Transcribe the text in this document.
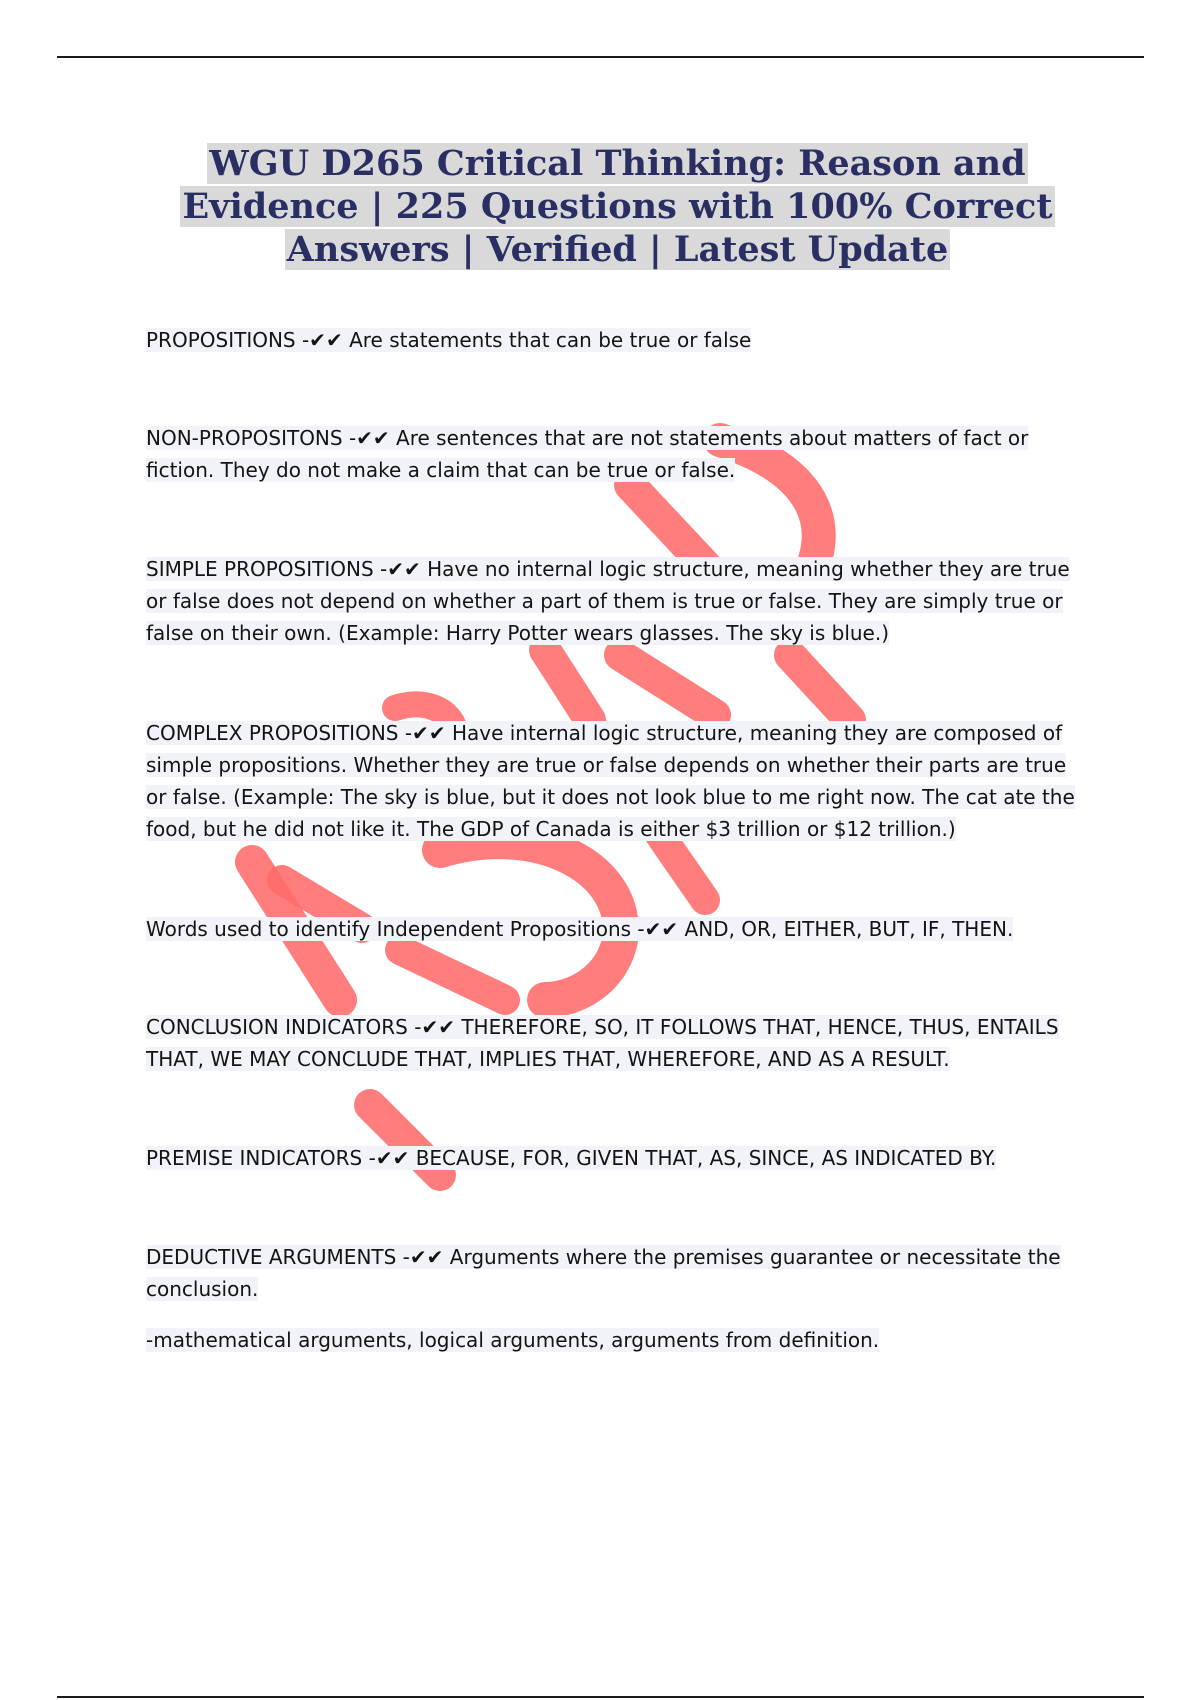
WGU D265 Critical Thinking: Reason and Evidence | 225 Questions with 100% Correct Answers | Verified | Latest Update

PROPOSITIONS -✔✔ Are statements that can be true or false

NON-PROPOSITONS -✔✔ Are sentences that are not statements about matters of fact or fiction. They do not make a claim that can be true or false.

SIMPLE PROPOSITIONS -✔✔ Have no internal logic structure, meaning whether they are true or false does not depend on whether a part of them is true or false. They are simply true or false on their own. (Example: Harry Potter wears glasses. The sky is blue.)

COMPLEX PROPOSITIONS -✔✔ Have internal logic structure, meaning they are composed of simple propositions. Whether they are true or false depends on whether their parts are true or false. (Example: The sky is blue, but it does not look blue to me right now. The cat ate the food, but he did not like it. The GDP of Canada is either $3 trillion or $12 trillion.)

Words used to identify Independent Propositions -✔✔ AND, OR, EITHER, BUT, IF, THEN.

CONCLUSION INDICATORS -✔✔ THEREFORE, SO, IT FOLLOWS THAT, HENCE, THUS, ENTAILS THAT, WE MAY CONCLUDE THAT, IMPLIES THAT, WHEREFORE, AND AS A RESULT.

PREMISE INDICATORS -✔✔ BECAUSE, FOR, GIVEN THAT, AS, SINCE, AS INDICATED BY.

DEDUCTIVE ARGUMENTS -✔✔ Arguments where the premises guarantee or necessitate the conclusion.

-mathematical arguments, logical arguments, arguments from definition.
